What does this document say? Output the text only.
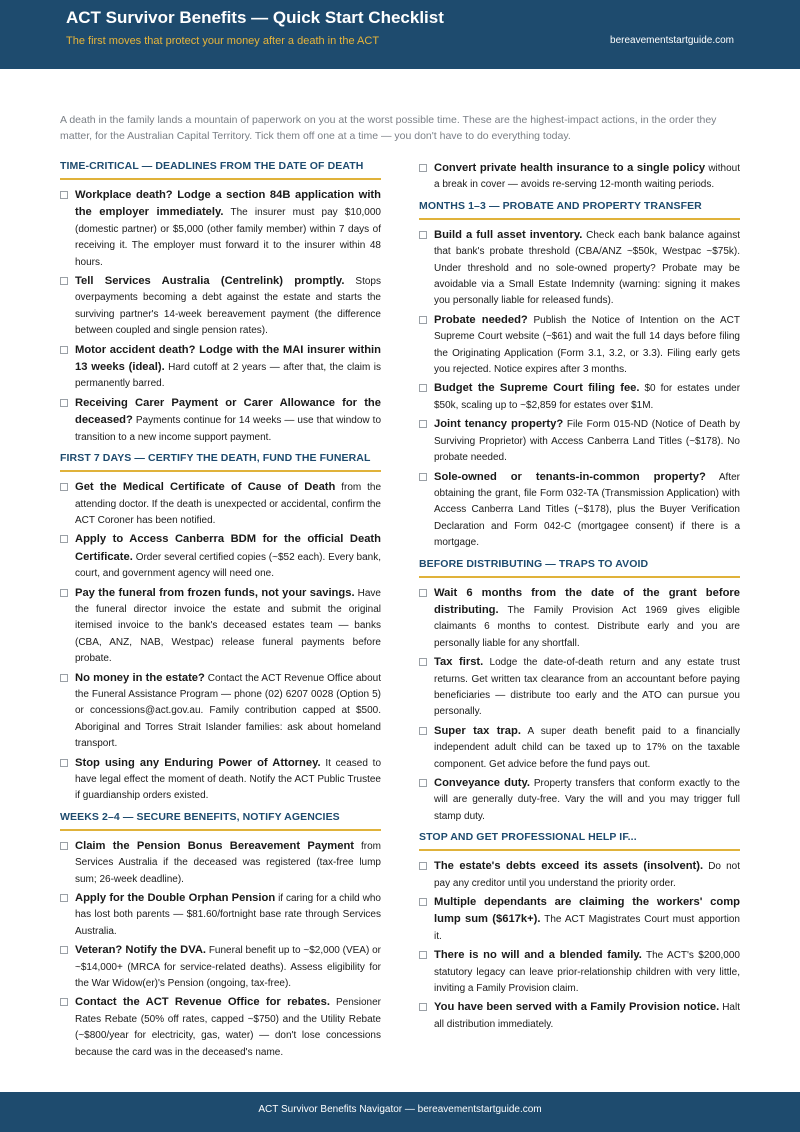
ACT Survivor Benefits — Quick Start Checklist
The first moves that protect your money after a death in the ACT	bereavementstartguide.com
A death in the family lands a mountain of paperwork on you at the worst possible time. These are the highest-impact actions, in the order they matter, for the Australian Capital Territory. Tick them off one at a time — you don't have to do everything today.
TIME-CRITICAL — DEADLINES FROM THE DATE OF DEATH
Workplace death? Lodge a section 84B application with the employer immediately. The insurer must pay $10,000 (domestic partner) or $5,000 (other family member) within 7 days of receiving it. The employer must forward it to the insurer within 48 hours.
Tell Services Australia (Centrelink) promptly. Stops overpayments becoming a debt against the estate and starts the surviving partner's 14-week bereavement payment (the difference between coupled and single pension rates).
Motor accident death? Lodge with the MAI insurer within 13 weeks (ideal). Hard cutoff at 2 years — after that, the claim is permanently barred.
Receiving Carer Payment or Carer Allowance for the deceased? Payments continue for 14 weeks — use that window to transition to a new income support payment.
FIRST 7 DAYS — CERTIFY THE DEATH, FUND THE FUNERAL
Get the Medical Certificate of Cause of Death from the attending doctor. If the death is unexpected or accidental, confirm the ACT Coroner has been notified.
Apply to Access Canberra BDM for the official Death Certificate. Order several certified copies (~$52 each). Every bank, court, and government agency will need one.
Pay the funeral from frozen funds, not your savings. Have the funeral director invoice the estate and submit the original itemised invoice to the bank's deceased estates team — banks (CBA, ANZ, NAB, Westpac) release funeral payments before probate.
No money in the estate? Contact the ACT Revenue Office about the Funeral Assistance Program — phone (02) 6207 0028 (Option 5) or concessions@act.gov.au. Family contribution capped at $500. Aboriginal and Torres Strait Islander families: ask about homeland transport.
Stop using any Enduring Power of Attorney. It ceased to have legal effect the moment of death. Notify the ACT Public Trustee if guardianship orders existed.
WEEKS 2–4 — SECURE BENEFITS, NOTIFY AGENCIES
Claim the Pension Bonus Bereavement Payment from Services Australia if the deceased was registered (tax-free lump sum; 26-week deadline).
Apply for the Double Orphan Pension if caring for a child who has lost both parents — $81.60/fortnight base rate through Services Australia.
Veteran? Notify the DVA. Funeral benefit up to ~$2,000 (VEA) or ~$14,000+ (MRCA for service-related deaths). Assess eligibility for the War Widow(er)'s Pension (ongoing, tax-free).
Contact the ACT Revenue Office for rebates. Pensioner Rates Rebate (50% off rates, capped ~$750) and the Utility Rebate (~$800/year for electricity, gas, water) — don't lose concessions because the card was in the deceased's name.
Convert private health insurance to a single policy without a break in cover — avoids re-serving 12-month waiting periods.
MONTHS 1–3 — PROBATE AND PROPERTY TRANSFER
Build a full asset inventory. Check each bank balance against that bank's probate threshold (CBA/ANZ ~$50k, Westpac ~$75k). Under threshold and no sole-owned property? Probate may be avoidable via a Small Estate Indemnity (warning: signing it makes you personally liable for released funds).
Probate needed? Publish the Notice of Intention on the ACT Supreme Court website (~$61) and wait the full 14 days before filing the Originating Application (Form 3.1, 3.2, or 3.3). Filing early gets you rejected. Notice expires after 3 months.
Budget the Supreme Court filing fee. $0 for estates under $50k, scaling up to ~$2,859 for estates over $1M.
Joint tenancy property? File Form 015-ND (Notice of Death by Surviving Proprietor) with Access Canberra Land Titles (~$178). No probate needed.
Sole-owned or tenants-in-common property? After obtaining the grant, file Form 032-TA (Transmission Application) with Access Canberra Land Titles (~$178), plus the Buyer Verification Declaration and Form 042-C (mortgagee consent) if there is a mortgage.
BEFORE DISTRIBUTING — TRAPS TO AVOID
Wait 6 months from the date of the grant before distributing. The Family Provision Act 1969 gives eligible claimants 6 months to contest. Distribute early and you are personally liable for any shortfall.
Tax first. Lodge the date-of-death return and any estate trust returns. Get written tax clearance from an accountant before paying beneficiaries — distribute too early and the ATO can pursue you personally.
Super tax trap. A super death benefit paid to a financially independent adult child can be taxed up to 17% on the taxable component. Get advice before the fund pays out.
Conveyance duty. Property transfers that conform exactly to the will are generally duty-free. Vary the will and you may trigger full stamp duty.
STOP AND GET PROFESSIONAL HELP IF...
The estate's debts exceed its assets (insolvent). Do not pay any creditor until you understand the priority order.
Multiple dependants are claiming the workers' comp lump sum ($617k+). The ACT Magistrates Court must apportion it.
There is no will and a blended family. The ACT's $200,000 statutory legacy can leave prior-relationship children with very little, inviting a Family Provision claim.
You have been served with a Family Provision notice. Halt all distribution immediately.
ACT Survivor Benefits Navigator — bereavementstartguide.com
